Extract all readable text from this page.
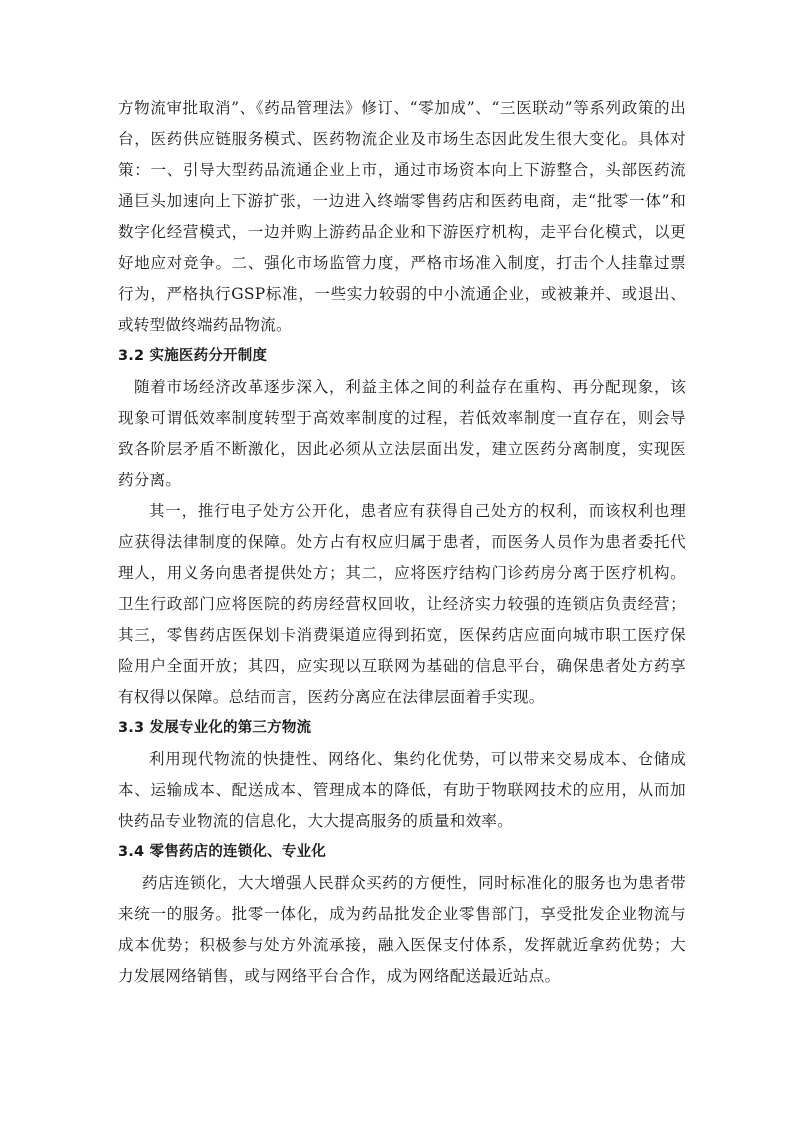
方物流审批取消”、《药品管理法》修订、“零加成”、“三医联动”等系列政策的出台，医药供应链服务模式、医药物流企业及市场生态因此发生很大变化。具体对策：一、引导大型药品流通企业上市，通过市场资本向上下游整合，头部医药流通巨头加速向上下游扩张，一边进入终端零售药店和医药电商，走“批零一体”和数字化经营模式，一边并购上游药品企业和下游医疗机构，走平台化模式，以更好地应对竞争。二、强化市场监管力度，严格市场准入制度，打击个人挂靠过票行为，严格执行GSP标准，一些实力较弱的中小流通企业，或被兼并、或退出、或转型做终端药品物流。

3.2 实施医药分开制度

随着市场经济改革逐步深入，利益主体之间的利益存在重构、再分配现象，该现象可谓低效率制度转型于高效率制度的过程，若低效率制度一直存在，则会导致各阶层矛盾不断激化，因此必须从立法层面出发，建立医药分离制度，实现医药分离。

其一，推行电子处方公开化，患者应有获得自己处方的权利，而该权利也理应获得法律制度的保障。处方占有权应归属于患者，而医务人员作为患者委托代理人，用义务向患者提供处方；其二，应将医疗结构门诊药房分离于医疗机构。卫生行政部门应将医院的药房经营权回收，让经济实力较强的连锁店负责经营；其三，零售药店医保划卡消费渠道应得到拓宽，医保药店应面向城市职工医疗保险用户全面开放；其四，应实现以互联网为基础的信息平台，确保患者处方药享有权得以保障。总结而言，医药分离应在法律层面着手实现。

3.3 发展专业化的第三方物流

利用现代物流的快捷性、网络化、集约化优势，可以带来交易成本、仓储成本、运输成本、配送成本、管理成本的降低，有助于物联网技术的应用，从而加快药品专业物流的信息化，大大提高服务的质量和效率。

3.4 零售药店的连锁化、专业化

药店连锁化，大大增强人民群众买药的方便性，同时标准化的服务也为患者带来统一的服务。批零一体化，成为药品批发企业零售部门，享受批发企业物流与成本优势；积极参与处方外流承接，融入医保支付体系，发挥就近拿药优势；大力发展网络销售，或与网络平台合作，成为网络配送最近站点。
